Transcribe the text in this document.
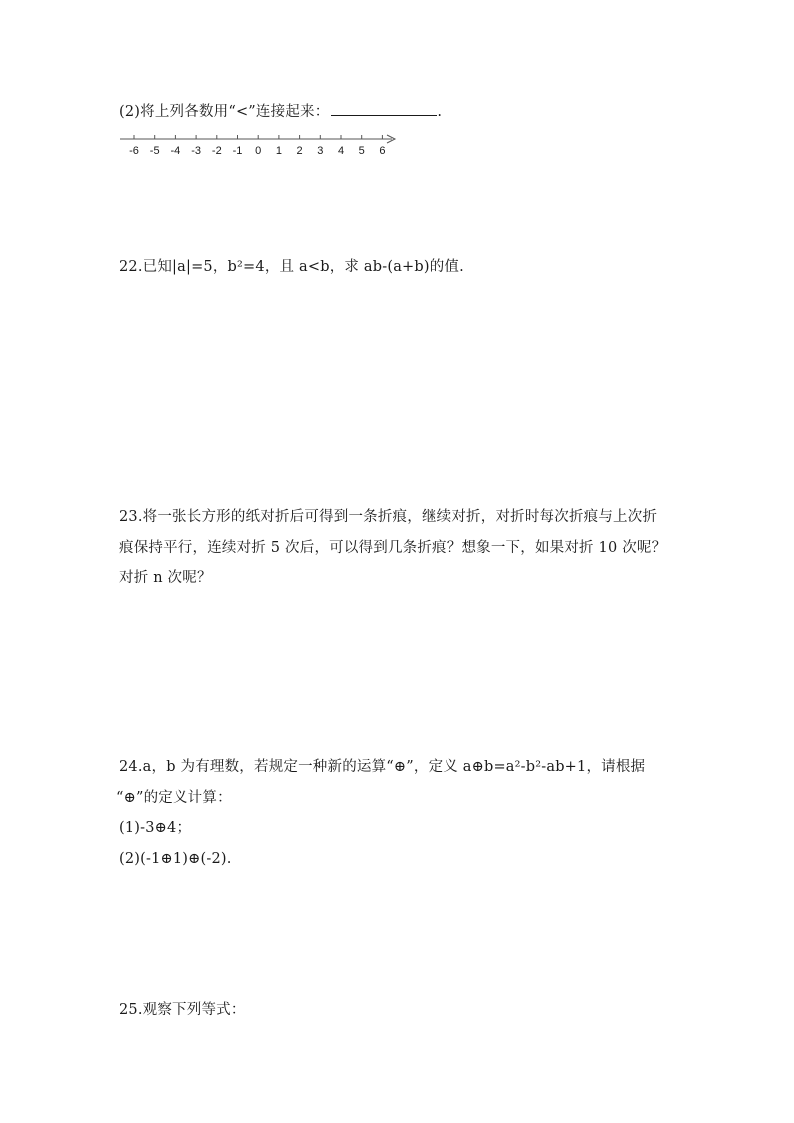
(2)将上列各数用“<”连接起来：	.
-6 -5 -4 -3 -2 -1 0 1 2 3 4 5 6
22.已知|a|=5，b²=4，且 a<b，求 ab-(a+b)的值.
23.将一张长方形的纸对折后可得到一条折痕，继续对折，对折时每次折痕与上次折
痕保持平行，连续对折 5 次后，可以得到几条折痕？想象一下，如果对折 10 次呢？
对折 n 次呢？
24.a，b 为有理数，若规定一种新的运算“⊕”，定义 a⊕b=a²-b²-ab+1，请根据
“⊕”的定义计算：
(1)-3⊕4；
(2)(-1⊕1)⊕(-2).
25.观察下列等式：
